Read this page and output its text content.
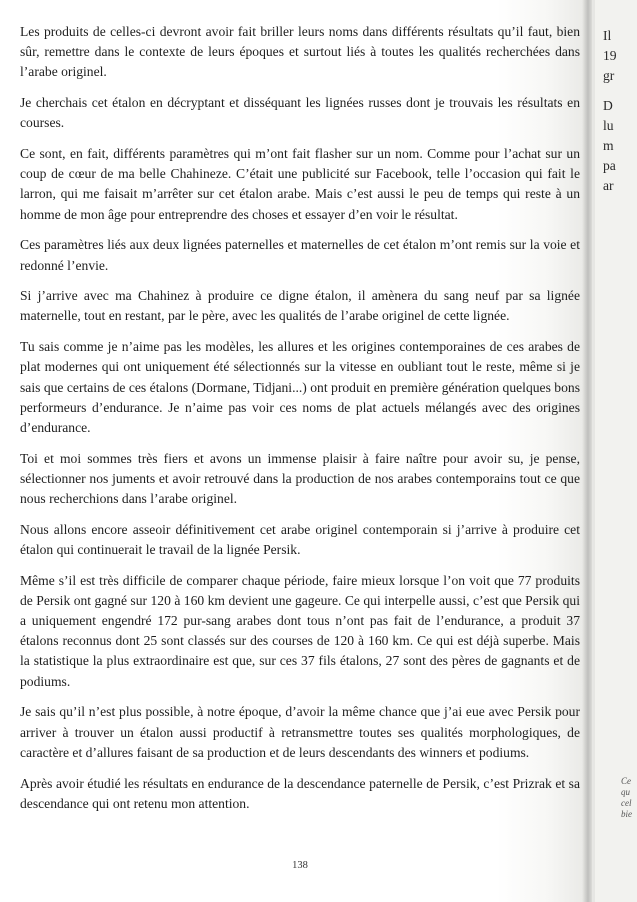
Les produits de celles-ci devront avoir fait briller leurs noms dans différents résultats qu’il faut, bien sûr, remettre dans le contexte de leurs époques et surtout liés à toutes les qualités recherchées dans l’arabe originel.

Je cherchais cet étalon en décryptant et disséquant les lignées russes dont je trouvais les résultats en courses.

Ce sont, en fait, différents paramètres qui m’ont fait flasher sur un nom. Comme pour l’achat sur un coup de cœur de ma belle Chahineze. C’était une publicité sur Facebook, telle l’occasion qui fait le larron, qui me faisait m’arrêter sur cet étalon arabe. Mais c’est aussi le peu de temps qui reste à un homme de mon âge pour entreprendre des choses et essayer d’en voir le résultat.

Ces paramètres liés aux deux lignées paternelles et maternelles de cet étalon m’ont remis sur la voie et redonné l’envie.

Si j’arrive avec ma Chahinez à produire ce digne étalon, il amènera du sang neuf par sa lignée maternelle, tout en restant, par le père, avec les qualités de l’arabe originel de cette lignée.

Tu sais comme je n’aime pas les modèles, les allures et les origines contemporaines de ces arabes de plat modernes qui ont uniquement été sélectionnés sur la vitesse en oubliant tout le reste, même si je sais que certains de ces étalons (Dormane, Tidjani...) ont produit en première génération quelques bons performeurs d’endurance. Je n’aime pas voir ces noms de plat actuels mélangés avec des origines d’endurance.

Toi et moi sommes très fiers et avons un immense plaisir à faire naître pour avoir su, je pense, sélectionner nos juments et avoir retrouvé dans la production de nos arabes contemporains tout ce que nous recherchions dans l’arabe originel.

Nous allons encore asseoir définitivement cet arabe originel contemporain si j’arrive à produire cet étalon qui continuerait le travail de la lignée Persik.

Même s’il est très difficile de comparer chaque période, faire mieux lorsque l’on voit que 77 produits de Persik ont gagné sur 120 à 160 km devient une gageure. Ce qui interpelle aussi, c’est que Persik qui a uniquement engendré 172 pur-sang arabes dont tous n’ont pas fait de l’endurance, a produit 37 étalons reconnus dont 25 sont classés sur des courses de 120 à 160 km. Ce qui est déjà superbe. Mais la statistique la plus extraordinaire est que, sur ces 37 fils étalons, 27 sont des pères de gagnants et de podiums.

Je sais qu’il n’est plus possible, à notre époque, d’avoir la même chance que j’ai eue avec Persik pour arriver à trouver un étalon aussi productif à retransmettre toutes ses qualités morphologiques, de caractère et d’allures faisant de sa production et de leurs descendants des winners et podiums.

Après avoir étudié les résultats en endurance de la descendance paternelle de Persik, c’est Prizrak et sa descendance qui ont retenu mon attention.

138
Il
19
gr
D
lu
m
pa
ar
Ce
qu
cel
bie
